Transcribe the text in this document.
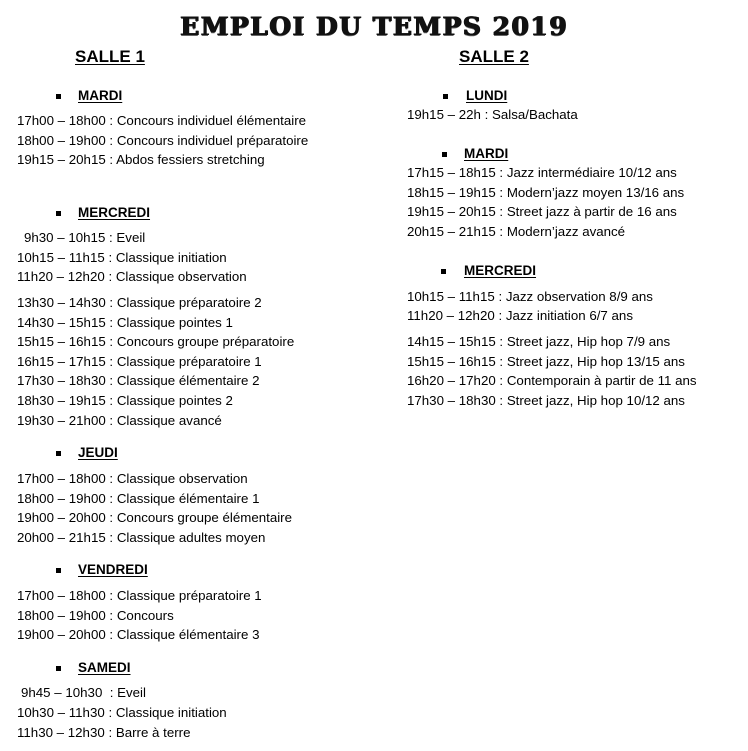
EMPLOI DU TEMPS 2019
SALLE 1
MARDI
17h00 – 18h00 : Concours individuel élémentaire
18h00 – 19h00 : Concours individuel préparatoire
19h15 – 20h15 : Abdos fessiers stretching
MERCREDI
9h30 – 10h15 : Eveil
10h15 – 11h15 : Classique initiation
11h20 – 12h20 : Classique observation
13h30 – 14h30 : Classique préparatoire 2
14h30 – 15h15 : Classique pointes 1
15h15 – 16h15 : Concours groupe préparatoire
16h15 – 17h15 : Classique préparatoire 1
17h30 – 18h30 : Classique élémentaire 2
18h30 – 19h15 : Classique pointes 2
19h30 – 21h00 : Classique avancé
JEUDI
17h00 – 18h00 : Classique observation
18h00 – 19h00 : Classique élémentaire 1
19h00 – 20h00 : Concours groupe élémentaire
20h00 – 21h15 : Classique adultes moyen
VENDREDI
17h00 – 18h00 : Classique préparatoire 1
18h00 – 19h00 : Concours
19h00 – 20h00 : Classique élémentaire 3
SAMEDI
9h45 – 10h30  : Eveil
10h30 – 11h30 : Classique initiation
11h30 – 12h30 : Barre à terre
SALLE 2
LUNDI
19h15 – 22h : Salsa/Bachata
MARDI
17h15 – 18h15 : Jazz intermédiaire 10/12 ans
18h15 – 19h15 : Modern’jazz moyen 13/16 ans
19h15 – 20h15 : Street jazz à partir de 16 ans
20h15 – 21h15 : Modern’jazz avancé
MERCREDI
10h15 – 11h15 : Jazz observation 8/9 ans
11h20 – 12h20 : Jazz initiation 6/7 ans
14h15 – 15h15 : Street jazz, Hip hop 7/9 ans
15h15 – 16h15 : Street jazz, Hip hop 13/15 ans
16h20 – 17h20 : Contemporain à partir de 11 ans
17h30 – 18h30 : Street jazz, Hip hop 10/12 ans
